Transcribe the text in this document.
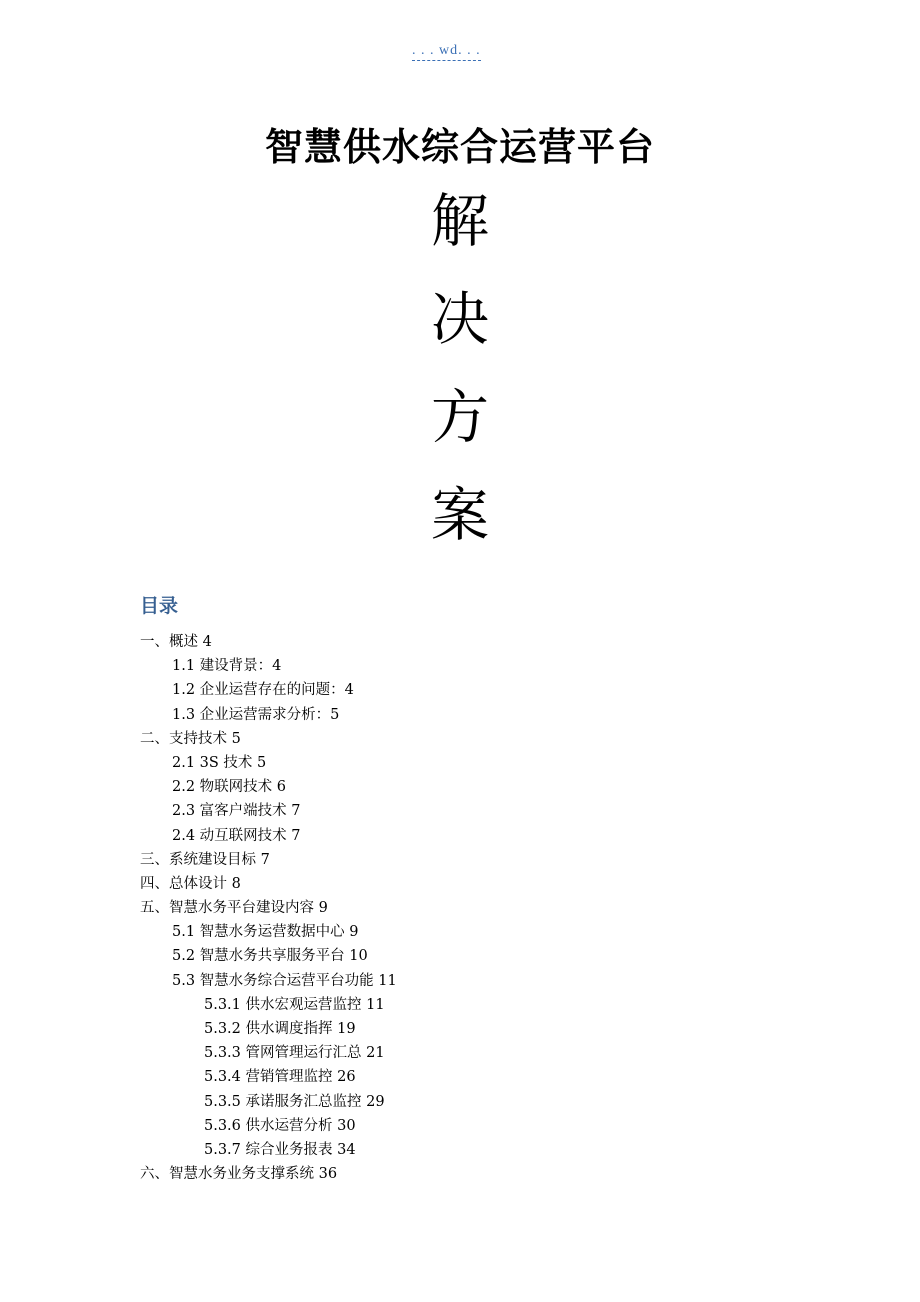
. . . wd. . .
智慧供水综合运营平台
解
决
方
案
目录
一、概述 4
1.1 建设背景：4
1.2 企业运营存在的问题：4
1.3 企业运营需求分析：5
二、支持技术 5
2.1 3S 技术 5
2.2 物联网技术 6
2.3 富客户端技术 7
2.4 动互联网技术 7
三、系统建设目标 7
四、总体设计 8
五、智慧水务平台建设内容 9
5.1 智慧水务运营数据中心 9
5.2 智慧水务共享服务平台 10
5.3 智慧水务综合运营平台功能 11
5.3.1 供水宏观运营监控 11
5.3.2 供水调度指挥 19
5.3.3 管网管理运行汇总 21
5.3.4 营销管理监控 26
5.3.5 承诺服务汇总监控 29
5.3.6 供水运营分析 30
5.3.7 综合业务报表 34
六、智慧水务业务支撑系统 36
